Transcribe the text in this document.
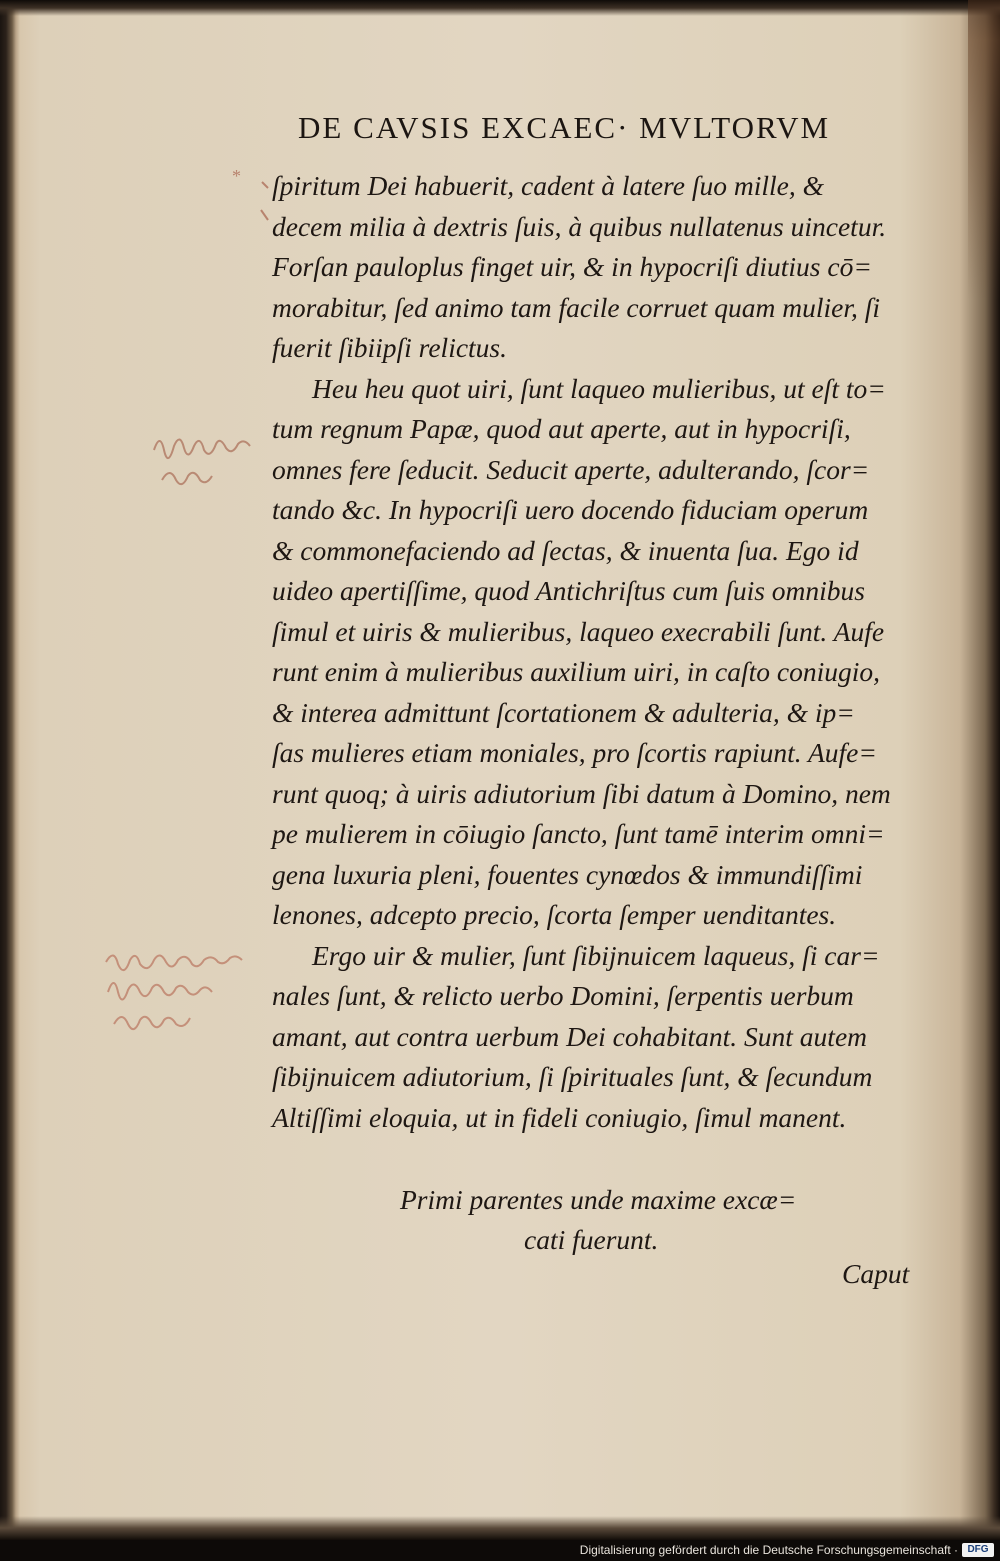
DE CAVSIS EXCAEC· MVLTORVM
ſpiritum Dei habuerit, cadent à latere ſuo mille, &
decem milia à dextris ſuis, à quibus nullatenus uincetur.
Forſan pauloplus finget uir, & in hypocriſi diutius cō=
morabitur, ſed animo tam facile corruet quam mulier, ſi
fuerit ſibiipſi relictus.
Heu heu quot uiri, ſunt laqueo mulieribus, ut eſt to=
tum regnum Papæ, quod aut aperte, aut in hypocriſi,
omnes fere ſeducit. Seducit aperte, adulterando, ſcor=
tando &c. In hypocriſi uero docendo fiduciam operum
& commonefaciendo ad ſectas, & inuenta ſua. Ego id
uideo apertiſſime, quod Antichriſtus cum ſuis omnibus
ſimul et uiris & mulieribus, laqueo execrabili ſunt. Aufe
runt enim à mulieribus auxilium uiri, in caſto coniugio,
& interea admittunt ſcortationem & adulteria, & ip=
ſas mulieres etiam moniales, pro ſcortis rapiunt. Aufe=
runt quoq; à uiris adiutorium ſibi datum à Domino, nem
pe mulierem in cōiugio ſancto, ſunt tamē interim omni=
gena luxuria pleni, fouentes cynœdos & immundiſſimi
lenones, adcepto precio, ſcorta ſemper uenditantes.
Ergo uir & mulier, ſunt ſibijnuicem laqueus, ſi car=
nales ſunt, & relicto uerbo Domini, ſerpentis uerbum
amant, aut contra uerbum Dei cohabitant. Sunt autem
ſibijnuicem adiutorium, ſi ſpirituales ſunt, & ſecundum
Altiſſimi eloquia, ut in fideli coniugio, ſimul manent.
Primi parentes unde maxime excæ=
cati fuerunt.
Caput
*
Digitalisierung gefördert durch die Deutsche Forschungsgemeinschaft · DFG
